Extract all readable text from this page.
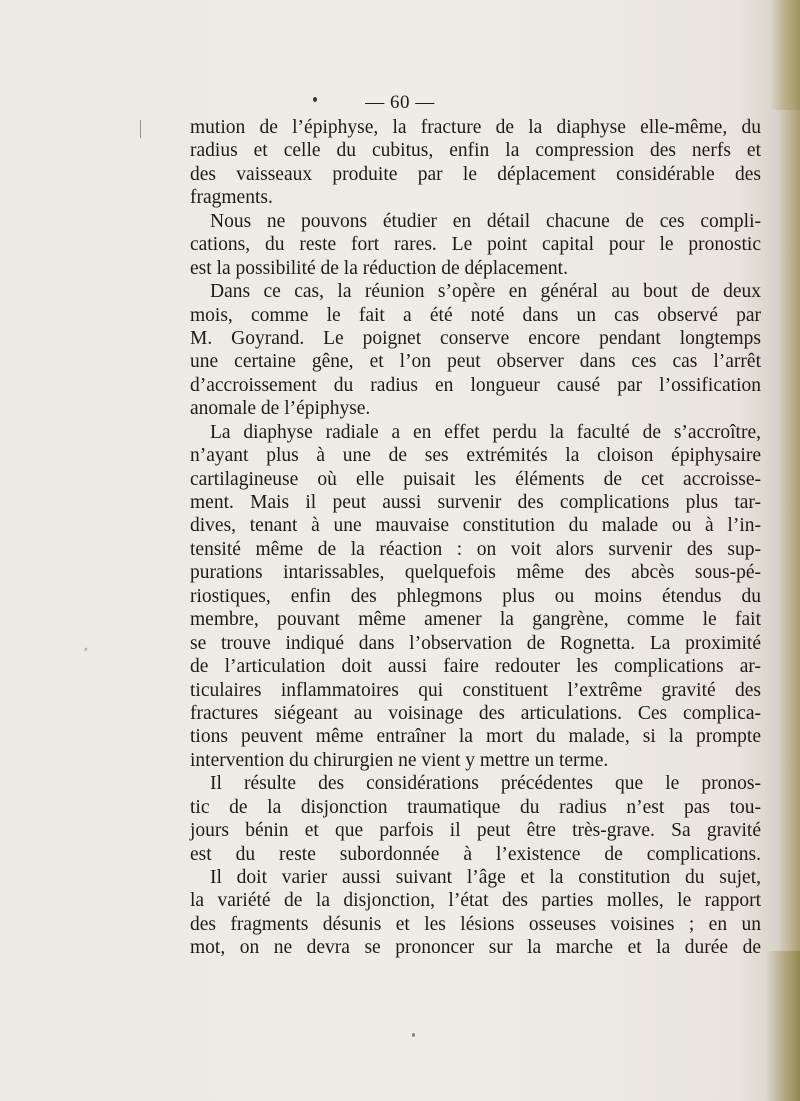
⸗
— 60 —
mution de l’épiphyse, la fracture de la diaphyse elle-même, du
radius et celle du cubitus, enfin la compression des nerfs et
des vaisseaux produite par le déplacement considérable des
fragments.
Nous ne pouvons étudier en détail chacune de ces compli-
cations, du reste fort rares. Le point capital pour le pronostic
est la possibilité de la réduction de déplacement.
Dans ce cas, la réunion s’opère en général au bout de deux
mois, comme le fait a été noté dans un cas observé par
M. Goyrand. Le poignet conserve encore pendant longtemps
une certaine gêne, et l’on peut observer dans ces cas l’arrêt
d’accroissement du radius en longueur causé par l’ossification
anomale de l’épiphyse.
La diaphyse radiale a en effet perdu la faculté de s’accroître,
n’ayant plus à une de ses extrémités la cloison épiphysaire
cartilagineuse où elle puisait les éléments de cet accroisse-
ment. Mais il peut aussi survenir des complications plus tar-
dives, tenant à une mauvaise constitution du malade ou à l’in-
tensité même de la réaction : on voit alors survenir des sup-
purations intarissables, quelquefois même des abcès sous-pé-
riostiques, enfin des phlegmons plus ou moins étendus du
membre, pouvant même amener la gangrène, comme le fait
se trouve indiqué dans l’observation de Rognetta. La proximité
de l’articulation doit aussi faire redouter les complications ar-
ticulaires inflammatoires qui constituent l’extrême gravité des
fractures siégeant au voisinage des articulations. Ces complica-
tions peuvent même entraîner la mort du malade, si la prompte
intervention du chirurgien ne vient y mettre un terme.
Il résulte des considérations précédentes que le pronos-
tic de la disjonction traumatique du radius n’est pas tou-
jours bénin et que parfois il peut être très-grave. Sa gravité
est du reste subordonnée à l’existence de complications.
Il doit varier aussi suivant l’âge et la constitution du sujet,
la variété de la disjonction, l’état des parties molles, le rapport
des fragments désunis et les lésions osseuses voisines ; en un
mot, on ne devra se prononcer sur la marche et la durée de
